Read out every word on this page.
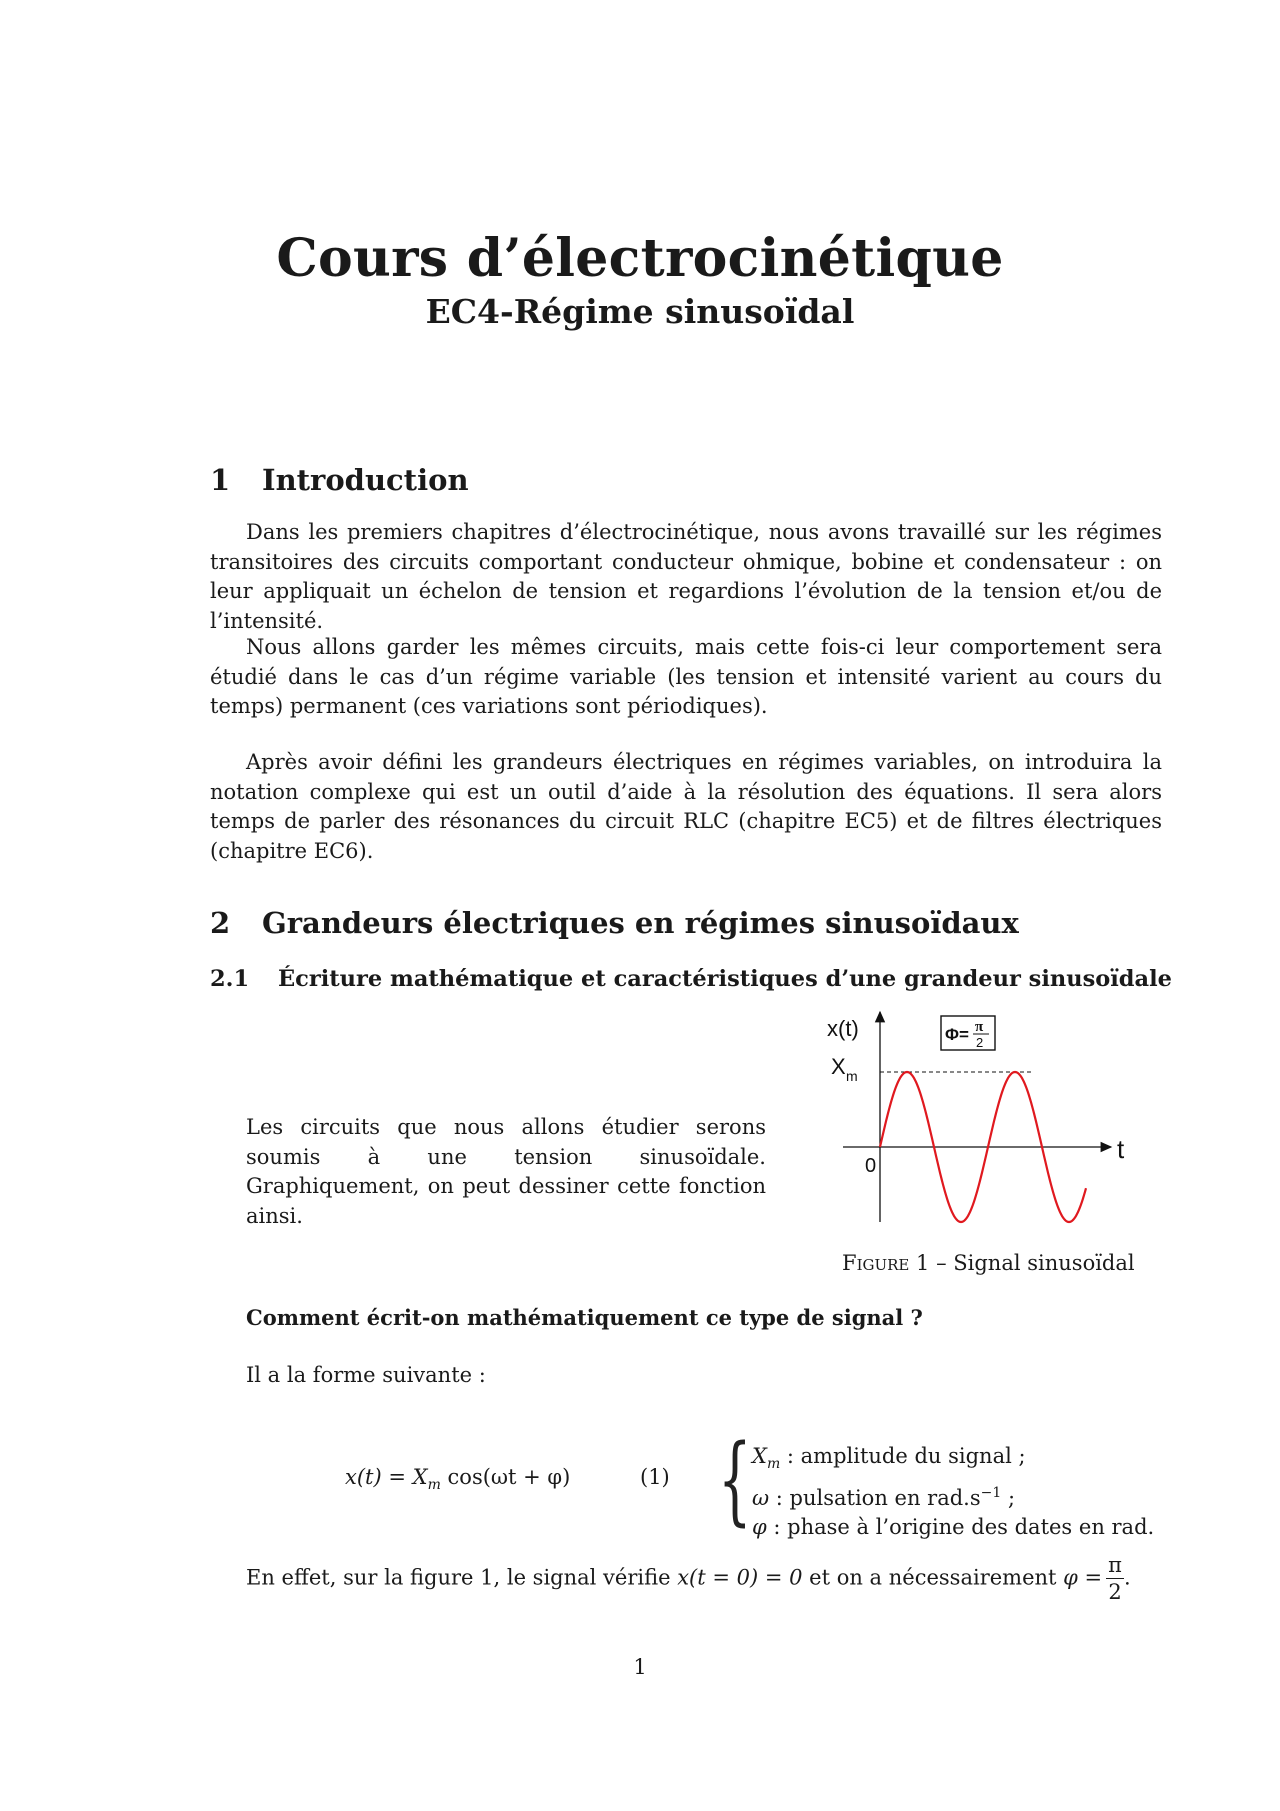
Cours d’électrocinétique
EC4-Régime sinusoïdal
1 Introduction

Dans les premiers chapitres d’électrocinétique, nous avons travaillé sur les régimes transitoires des circuits comportant conducteur ohmique, bobine et condensateur : on leur appliquait un échelon de tension et regardions l’évolution de la tension et/ou de l’intensité.

Nous allons garder les mêmes circuits, mais cette fois-ci leur comportement sera étudié dans le cas d’un régime variable (les tension et intensité varient au cours du temps) permanent (ces variations sont périodiques).

Après avoir défini les grandeurs électriques en régimes variables, on introduira la notation complexe qui est un outil d’aide à la résolution des équations. Il sera alors temps de parler des résonances du circuit RLC (chapitre EC5) et de filtres électriques (chapitre EC6).

2 Grandeurs électriques en régimes sinusoïdaux
2.1 Écriture mathématique et caractéristiques d’une grandeur sinusoïdale

Les circuits que nous allons étudier serons soumis à une tension sinusoïdale. Graphiquement, on peut dessiner cette fonction ainsi.

x(t)
t
0
X m
Φ= π
2
Figure 1 – Signal sinusoïdal
Comment écrit-on mathématiquement ce type de signal ?
Il a la forme suivante :
$x(t) = X_m$ cos(ωt + φ)	(1) { $X_m$ : amplitude du signal ;
ω : pulsation en $rad.s^{-1}$ ;
φ : phase à l’origine des dates en rad.
En effet, sur la figure 1, le signal vérifie x(t = 0) = 0 et on a nécessairement $\varphi = \frac{\pi}{2}$ .
1
